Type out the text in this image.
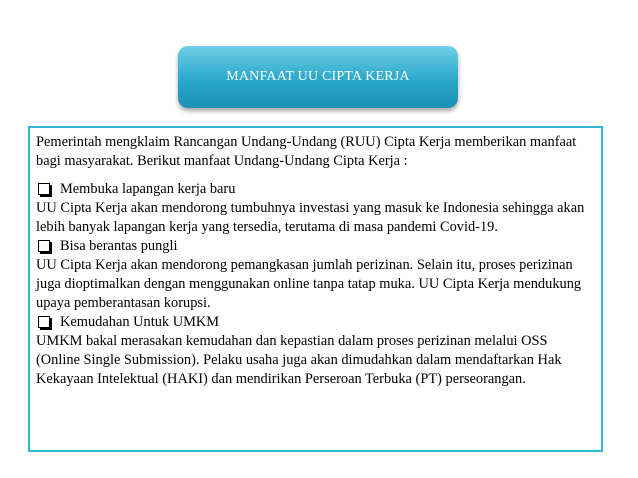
MANFAAT UU CIPTA KERJA

Pemerintah mengklaim Rancangan Undang-Undang (RUU) Cipta Kerja memberikan manfaat bagi masyarakat. Berikut manfaat Undang-Undang Cipta Kerja :

Membuka lapangan kerja baru

UU Cipta Kerja akan mendorong tumbuhnya investasi yang masuk ke Indonesia sehingga akan lebih banyak lapangan kerja yang tersedia, terutama di masa pandemi Covid-19.

Bisa berantas pungli

UU Cipta Kerja akan mendorong pemangkasan jumlah perizinan. Selain itu, proses perizinan juga dioptimalkan dengan menggunakan online tanpa tatap muka. UU Cipta Kerja mendukung upaya pemberantasan korupsi.

Kemudahan Untuk UMKM

UMKM bakal merasakan kemudahan dan kepastian dalam proses perizinan melalui OSS (Online Single Submission). Pelaku usaha juga akan dimudahkan dalam mendaftarkan Hak Kekayaan Intelektual (HAKI) dan mendirikan Perseroan Terbuka (PT) perseorangan.
